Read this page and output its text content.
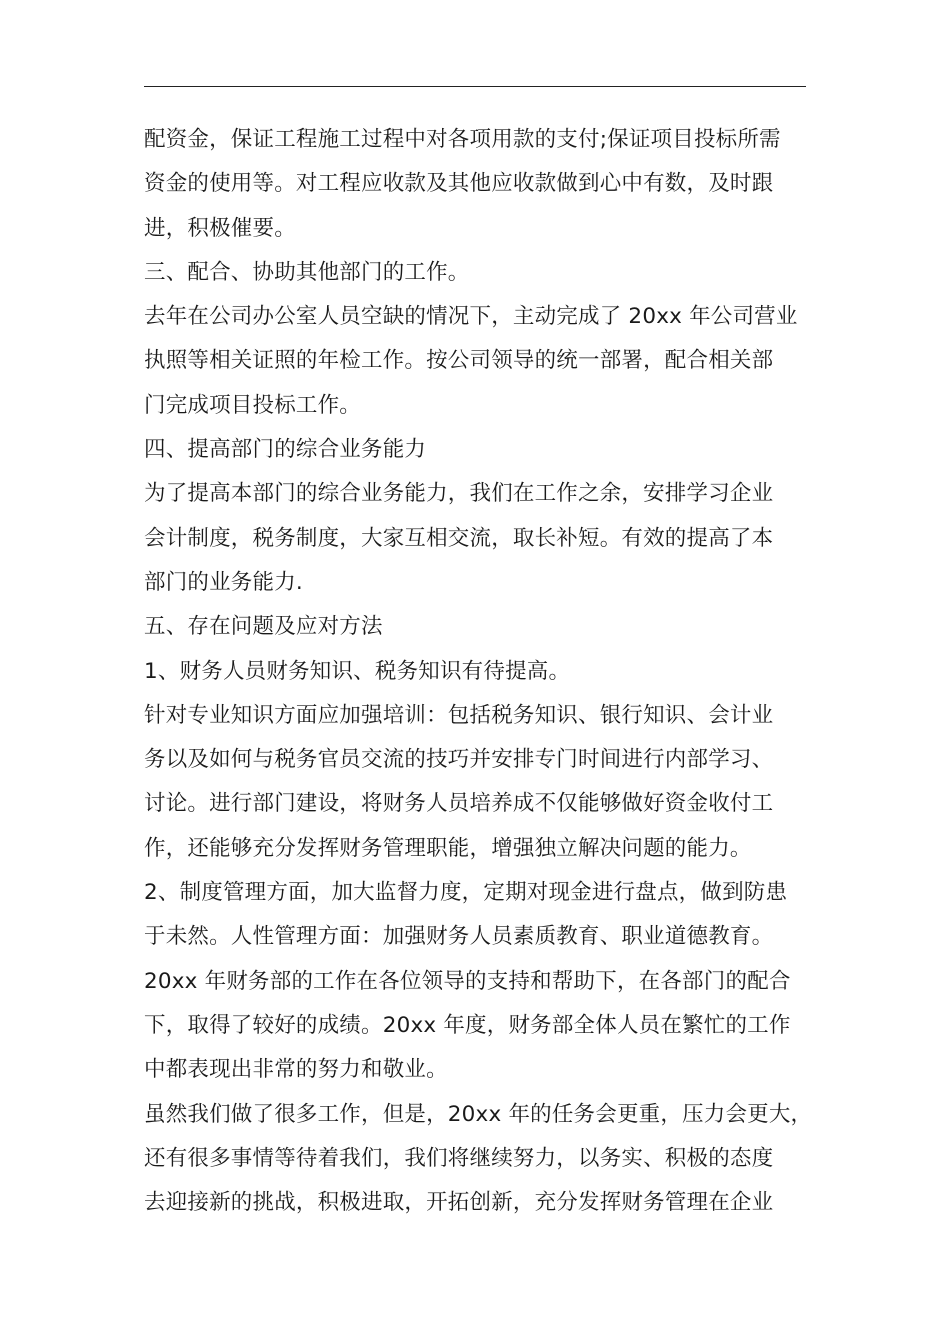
配资金，保证工程施工过程中对各项用款的支付;保证项目投标所需
资金的使用等。对工程应收款及其他应收款做到心中有数，及时跟
进，积极催要。

三、配合、协助其他部门的工作。

去年在公司办公室人员空缺的情况下，主动完成了 20xx 年公司营业
执照等相关证照的年检工作。按公司领导的统一部署，配合相关部
门完成项目投标工作。

四、提高部门的综合业务能力

为了提高本部门的综合业务能力，我们在工作之余，安排学习企业
会计制度，税务制度，大家互相交流，取长补短。有效的提高了本
部门的业务能力.

五、存在问题及应对方法

1、财务人员财务知识、税务知识有待提高。

针对专业知识方面应加强培训：包括税务知识、银行知识、会计业
务以及如何与税务官员交流的技巧并安排专门时间进行内部学习、
讨论。进行部门建设，将财务人员培养成不仅能够做好资金收付工
作，还能够充分发挥财务管理职能，增强独立解决问题的能力。

2、制度管理方面，加大监督力度，定期对现金进行盘点，做到防患
于未然。人性管理方面：加强财务人员素质教育、职业道德教育。

20xx 年财务部的工作在各位领导的支持和帮助下，在各部门的配合
下，取得了较好的成绩。20xx 年度，财务部全体人员在繁忙的工作
中都表现出非常的努力和敬业。

虽然我们做了很多工作，但是，20xx 年的任务会更重，压力会更大，
还有很多事情等待着我们，我们将继续努力，以务实、积极的态度
去迎接新的挑战，积极进取，开拓创新，充分发挥财务管理在企业
